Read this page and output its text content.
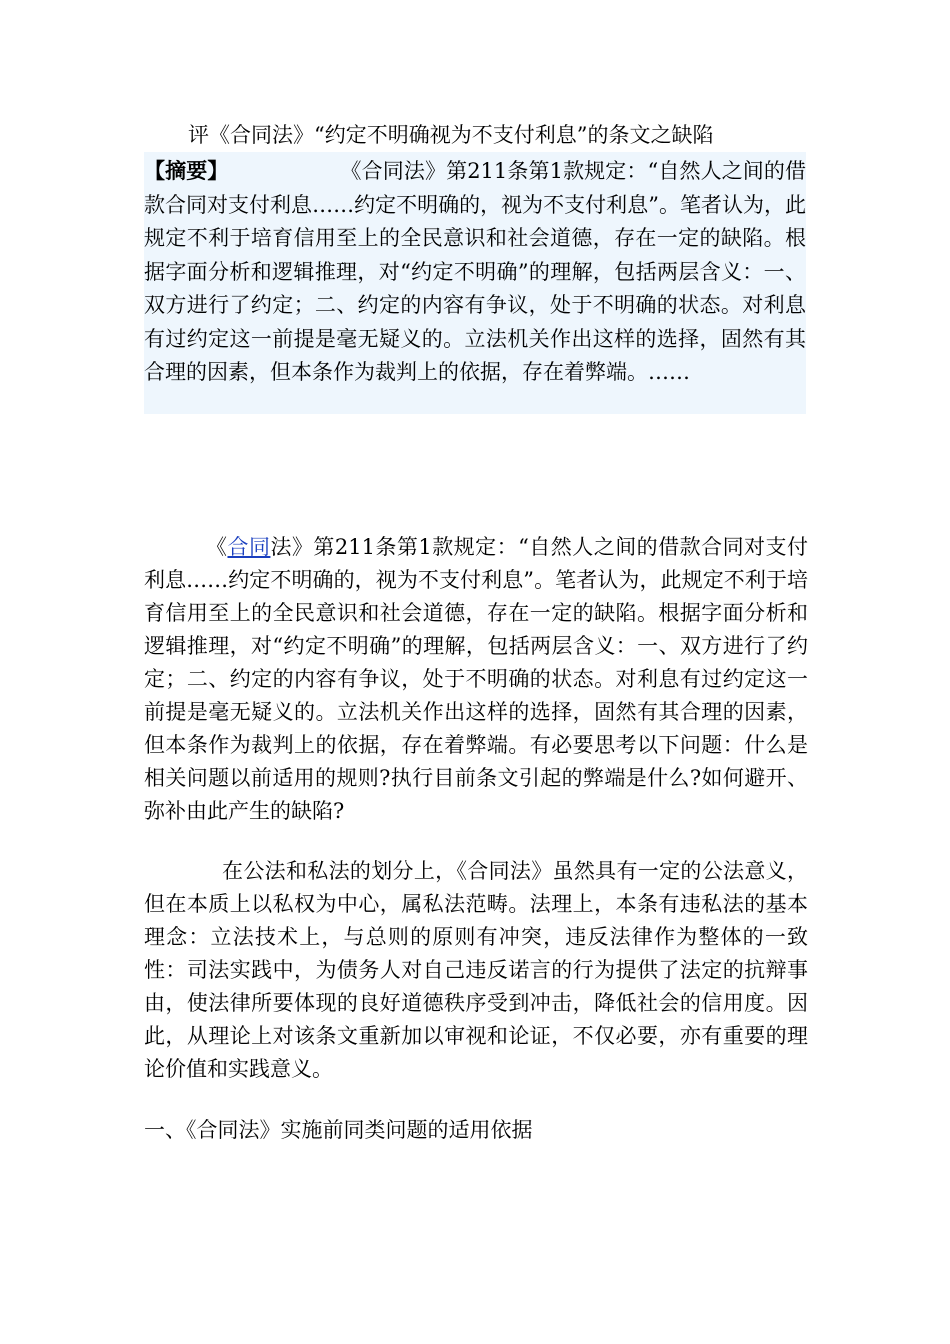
评《合同法》“约定不明确视为不支付利息”的条文之缺陷
【摘要】	《合同法》第211条第1款规定：“自然人之间的借款合同对支付利息……约定不明确的，视为不支付利息”。笔者认为，此规定不利于培育信用至上的全民意识和社会道德，存在一定的缺陷。根据字面分析和逻辑推理，对“约定不明确”的理解，包括两层含义：一、双方进行了约定；二、约定的内容有争议，处于不明确的状态。对利息有过约定这一前提是毫无疑义的。立法机关作出这样的选择，固然有其合理的因素，但本条作为裁判上的依据，存在着弊端。……

《合同法》第211条第1款规定：“自然人之间的借款合同对支付利息……约定不明确的，视为不支付利息”。笔者认为，此规定不利于培育信用至上的全民意识和社会道德，存在一定的缺陷。根据字面分析和逻辑推理，对“约定不明确”的理解，包括两层含义：一、双方进行了约定；二、约定的内容有争议，处于不明确的状态。对利息有过约定这一前提是毫无疑义的。立法机关作出这样的选择，固然有其合理的因素，但本条作为裁判上的依据，存在着弊端。有必要思考以下问题：什么是相关问题以前适用的规则?执行目前条文引起的弊端是什么?如何避开、弥补由此产生的缺陷?

在公法和私法的划分上，《合同法》虽然具有一定的公法意义，但在本质上以私权为中心，属私法范畴。法理上，本条有违私法的基本理念：立法技术上，与总则的原则有冲突，违反法律作为整体的一致性：司法实践中，为债务人对自己违反诺言的行为提供了法定的抗辩事由，使法律所要体现的良好道德秩序受到冲击，降低社会的信用度。因此，从理论上对该条文重新加以审视和论证，不仅必要，亦有重要的理论价值和实践意义。

一、《合同法》实施前同类问题的适用依据
